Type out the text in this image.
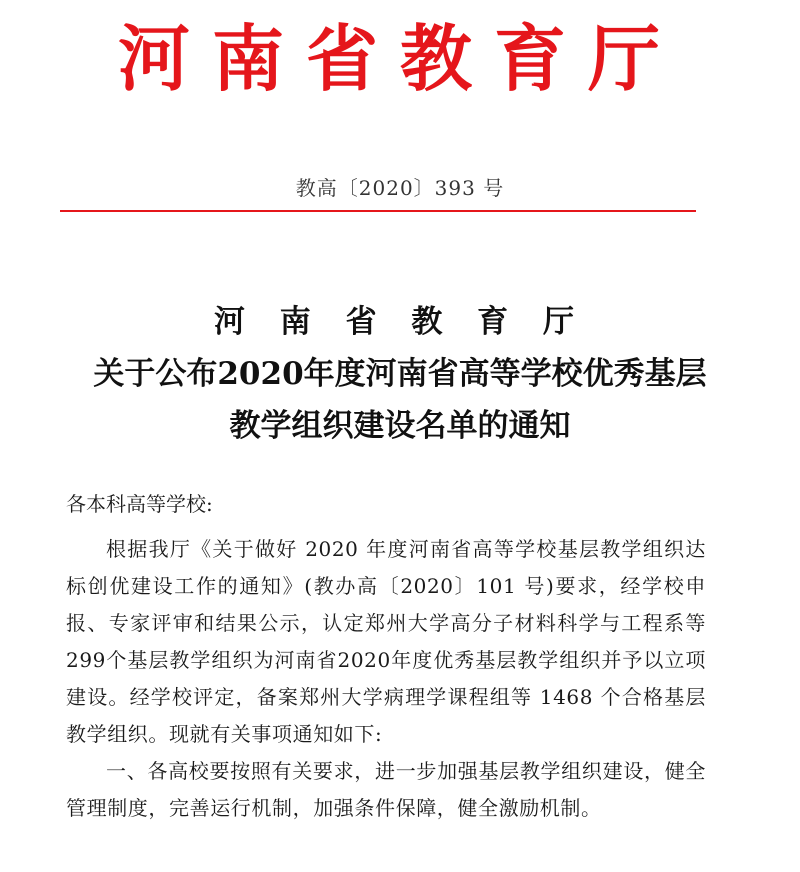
河南省教育厅
教高〔2020〕393 号
河 南 省 教 育 厅
关于公布2020年度河南省高等学校优秀基层
教学组织建设名单的通知

各本科高等学校:

根据我厅《关于做好 2020 年度河南省高等学校基层教学组织达标创优建设工作的通知》(教办高〔2020〕101 号)要求，经学校申报、专家评审和结果公示，认定郑州大学高分子材料科学与工程系等299个基层教学组织为河南省2020年度优秀基层教学组织并予以立项建设。经学校评定，备案郑州大学病理学课程组等 1468 个合格基层教学组织。现就有关事项通知如下:

一、各高校要按照有关要求，进一步加强基层教学组织建设，健全管理制度，完善运行机制，加强条件保障，健全激励机制。
